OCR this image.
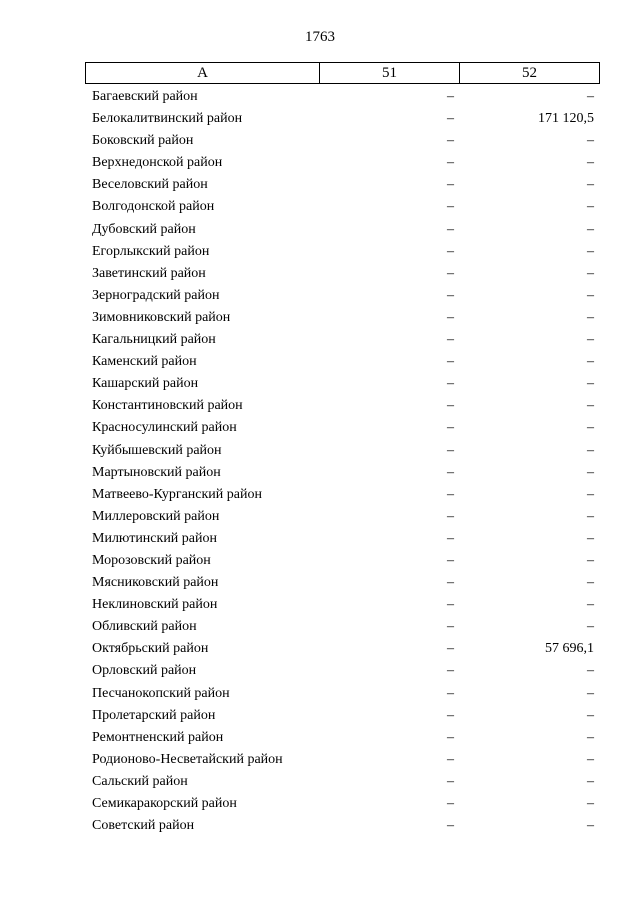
1763
А	51	52
Багаевский район	–	–
Белокалитвинский район	–	171 120,5
Боковский район	–	–
Верхнедонской район	–	–
Веселовский район	–	–
Волгодонской район	–	–
Дубовский район	–	–
Егорлыкский район	–	–
Заветинский район	–	–
Зерноградский район	–	–
Зимовниковский район	–	–
Кагальницкий район	–	–
Каменский район	–	–
Кашарский район	–	–
Константиновский район	–	–
Красносулинский район	–	–
Куйбышевский район	–	–
Мартыновский район	–	–
Матвеево-Курганский район	–	–
Миллеровский район	–	–
Милютинский район	–	–
Морозовский район	–	–
Мясниковский район	–	–
Неклиновский район	–	–
Обливский район	–	–
Октябрьский район	–	57 696,1
Орловский район	–	–
Песчанокопский район	–	–
Пролетарский район	–	–
Ремонтненский район	–	–
Родионово-Несветайский район	–	–
Сальский район	–	–
Семикаракорский район	–	–
Советский район	–	–
